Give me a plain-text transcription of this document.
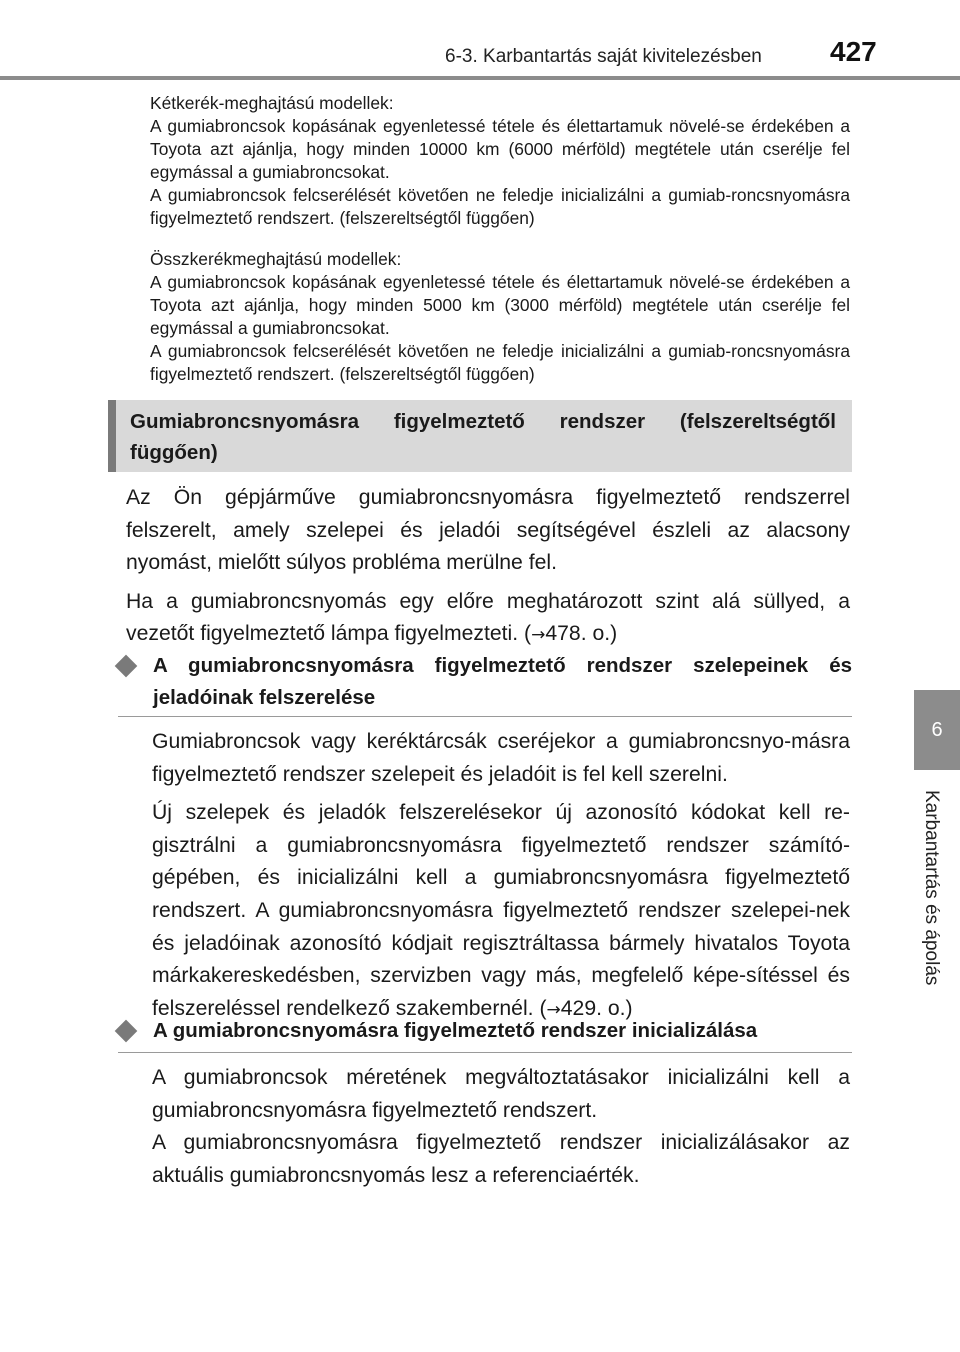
6-3. Karbantartás saját kivitelezésben 427
6
Karbantartás és ápolás

Kétkerék-meghajtású modellek:

A gumiabroncsok kopásának egyenletessé tétele és élettartamuk növelé-se érdekében a Toyota azt ajánlja, hogy minden 10000 km (6000 mérföld) megtétele után cserélje fel egymással a gumiabroncsokat.

A gumiabroncsok felcserélését követően ne feledje inicializálni a gumiab-roncsnyomásra figyelmeztető rendszert. (felszereltségtől függően)

Összkerékmeghajtású modellek:

A gumiabroncsok kopásának egyenletessé tétele és élettartamuk növelé-se érdekében a Toyota azt ajánlja, hogy minden 5000 km (3000 mérföld) megtétele után cserélje fel egymással a gumiabroncsokat.

A gumiabroncsok felcserélését követően ne feledje inicializálni a gumiab-roncsnyomásra figyelmeztető rendszert. (felszereltségtől függően)

Gumiabroncsnyomásra figyelmeztető rendszer (felszereltségtől függően)

Az Ön gépjárműve gumiabroncsnyomásra figyelmeztető rendszerrel felszerelt, amely szelepei és jeladói segítségével észleli az alacsony nyomást, mielőtt súlyos probléma merülne fel.

Ha a gumiabroncsnyomás egy előre meghatározott szint alá süllyed, a vezetőt figyelmeztető lámpa figyelmezteti. (→478. o.)

A gumiabroncsnyomásra figyelmeztető rendszer szelepeinek és jeladóinak felszerelése

Gumiabroncsok vagy keréktárcsák cseréjekor a gumiabroncsnyo-másra figyelmeztető rendszer szelepeit és jeladóit is fel kell szerelni.

Új szelepek és jeladók felszerelésekor új azonosító kódokat kell re-gisztrálni a gumiabroncsnyomásra figyelmeztető rendszer számító-gépében, és inicializálni kell a gumiabroncsnyomásra figyelmeztető rendszert. A gumiabroncsnyomásra figyelmeztető rendszer szelepei-nek és jeladóinak azonosító kódjait regisztráltassa bármely hivatalos Toyota márkakereskedésben, szervizben vagy más, megfelelő képe-sítéssel és felszereléssel rendelkező szakembernél. (→429. o.)

A gumiabroncsnyomásra figyelmeztető rendszer inicializálása

A gumiabroncsok méretének megváltoztatásakor inicializálni kell a gumiabroncsnyomásra figyelmeztető rendszert.

A gumiabroncsnyomásra figyelmeztető rendszer inicializálásakor az aktuális gumiabroncsnyomás lesz a referenciaérték.
